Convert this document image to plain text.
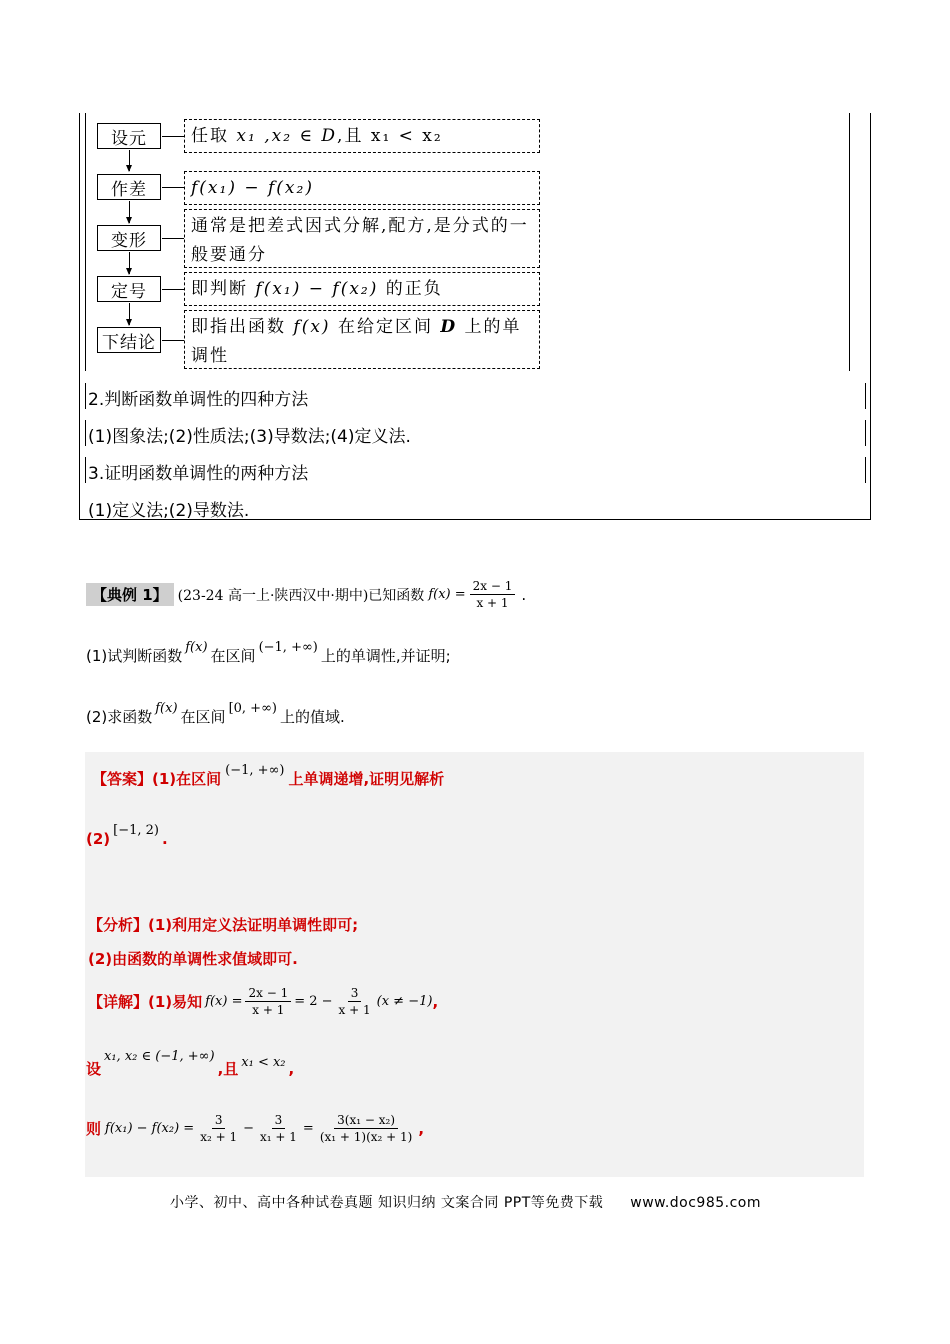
设元
作差
变形
定号
下结论
任取 x₁ ,x₂ ∈ D,且 x₁ < x₂
f(x₁) − f(x₂)
通常是把差式因式分解,配方,是分式的一般要通分
即判断 f(x₁) − f(x₂) 的正负
即指出函数 f(x) 在给定区间 D 上的单调性
2.判断函数单调性的四种方法
(1)图象法;(2)性质法;(3)导数法;(4)定义法.
3.证明函数单调性的两种方法
(1)定义法;(2)导数法.
【典例 1】 (23-24 高一上·陕西汉中·期中)已知函数 $f(x) = \frac{2x - 1}{x + 1}$ .
(1)试判断函数 f(x) 在区间 (−1, +∞) 上的单调性,并证明;
(2)求函数 f(x) 在区间 [0, +∞) 上的值域.
【答案】(1)在区间 (−1, +∞) 上单调递增,证明见解析
(2) [−1, 2) .
【分析】(1)利用定义法证明单调性即可;
(2)由函数的单调性求值域即可.
【详解】 (1)易知 $f(x) = \frac{2x - 1}{x + 1} = 2 - \frac{3}{x + 1} (x \ne -1)$ ,
设x₁, x₂ ∈ (−1, +∞),且 x₁ < x₂ ,
则 $f(x_1) - f(x_2) = \frac{3}{\text{x₂ + 1}} - \frac{3}{\text{x₁ + 1}} = \frac{\text{3(x₁ − x₂)}}{\text{(x₁ + 1)(x₂ + 1)}}$ ,
小学、初中、高中各种试卷真题 知识归纳 文案合同 PPT等免费下载 www.doc985.com
